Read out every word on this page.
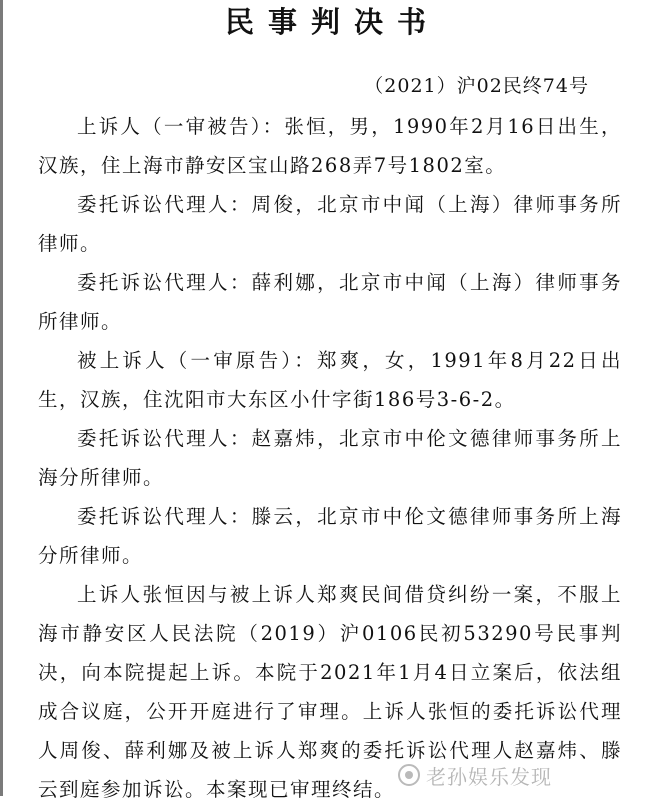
民事判决书
（2021）沪02民终74号

上诉人（一审被告）：张恒，男，1990年2月16日出生，汉族，住上海市静安区宝山路268弄7号1802室。

委托诉讼代理人：周俊，北京市中闻（上海）律师事务所律师。

委托诉讼代理人：薛利娜，北京市中闻（上海）律师事务所律师。

被上诉人（一审原告）：郑爽，女，1991年8月22日出生，汉族，住沈阳市大东区小什字街186号3-6-2。

委托诉讼代理人：赵嘉炜，北京市中伦文德律师事务所上海分所律师。

委托诉讼代理人：滕云，北京市中伦文德律师事务所上海分所律师。

上诉人张恒因与被上诉人郑爽民间借贷纠纷一案，不服上海市静安区人民法院（2019）沪0106民初53290号民事判决，向本院提起上诉。本院于2021年1月4日立案后，依法组成合议庭，公开开庭进行了审理。上诉人张恒的委托诉讼代理人周俊、薛利娜及被上诉人郑爽的委托诉讼代理人赵嘉炜、滕云到庭参加诉讼。本案现已审理终结。

老孙娱乐发现
